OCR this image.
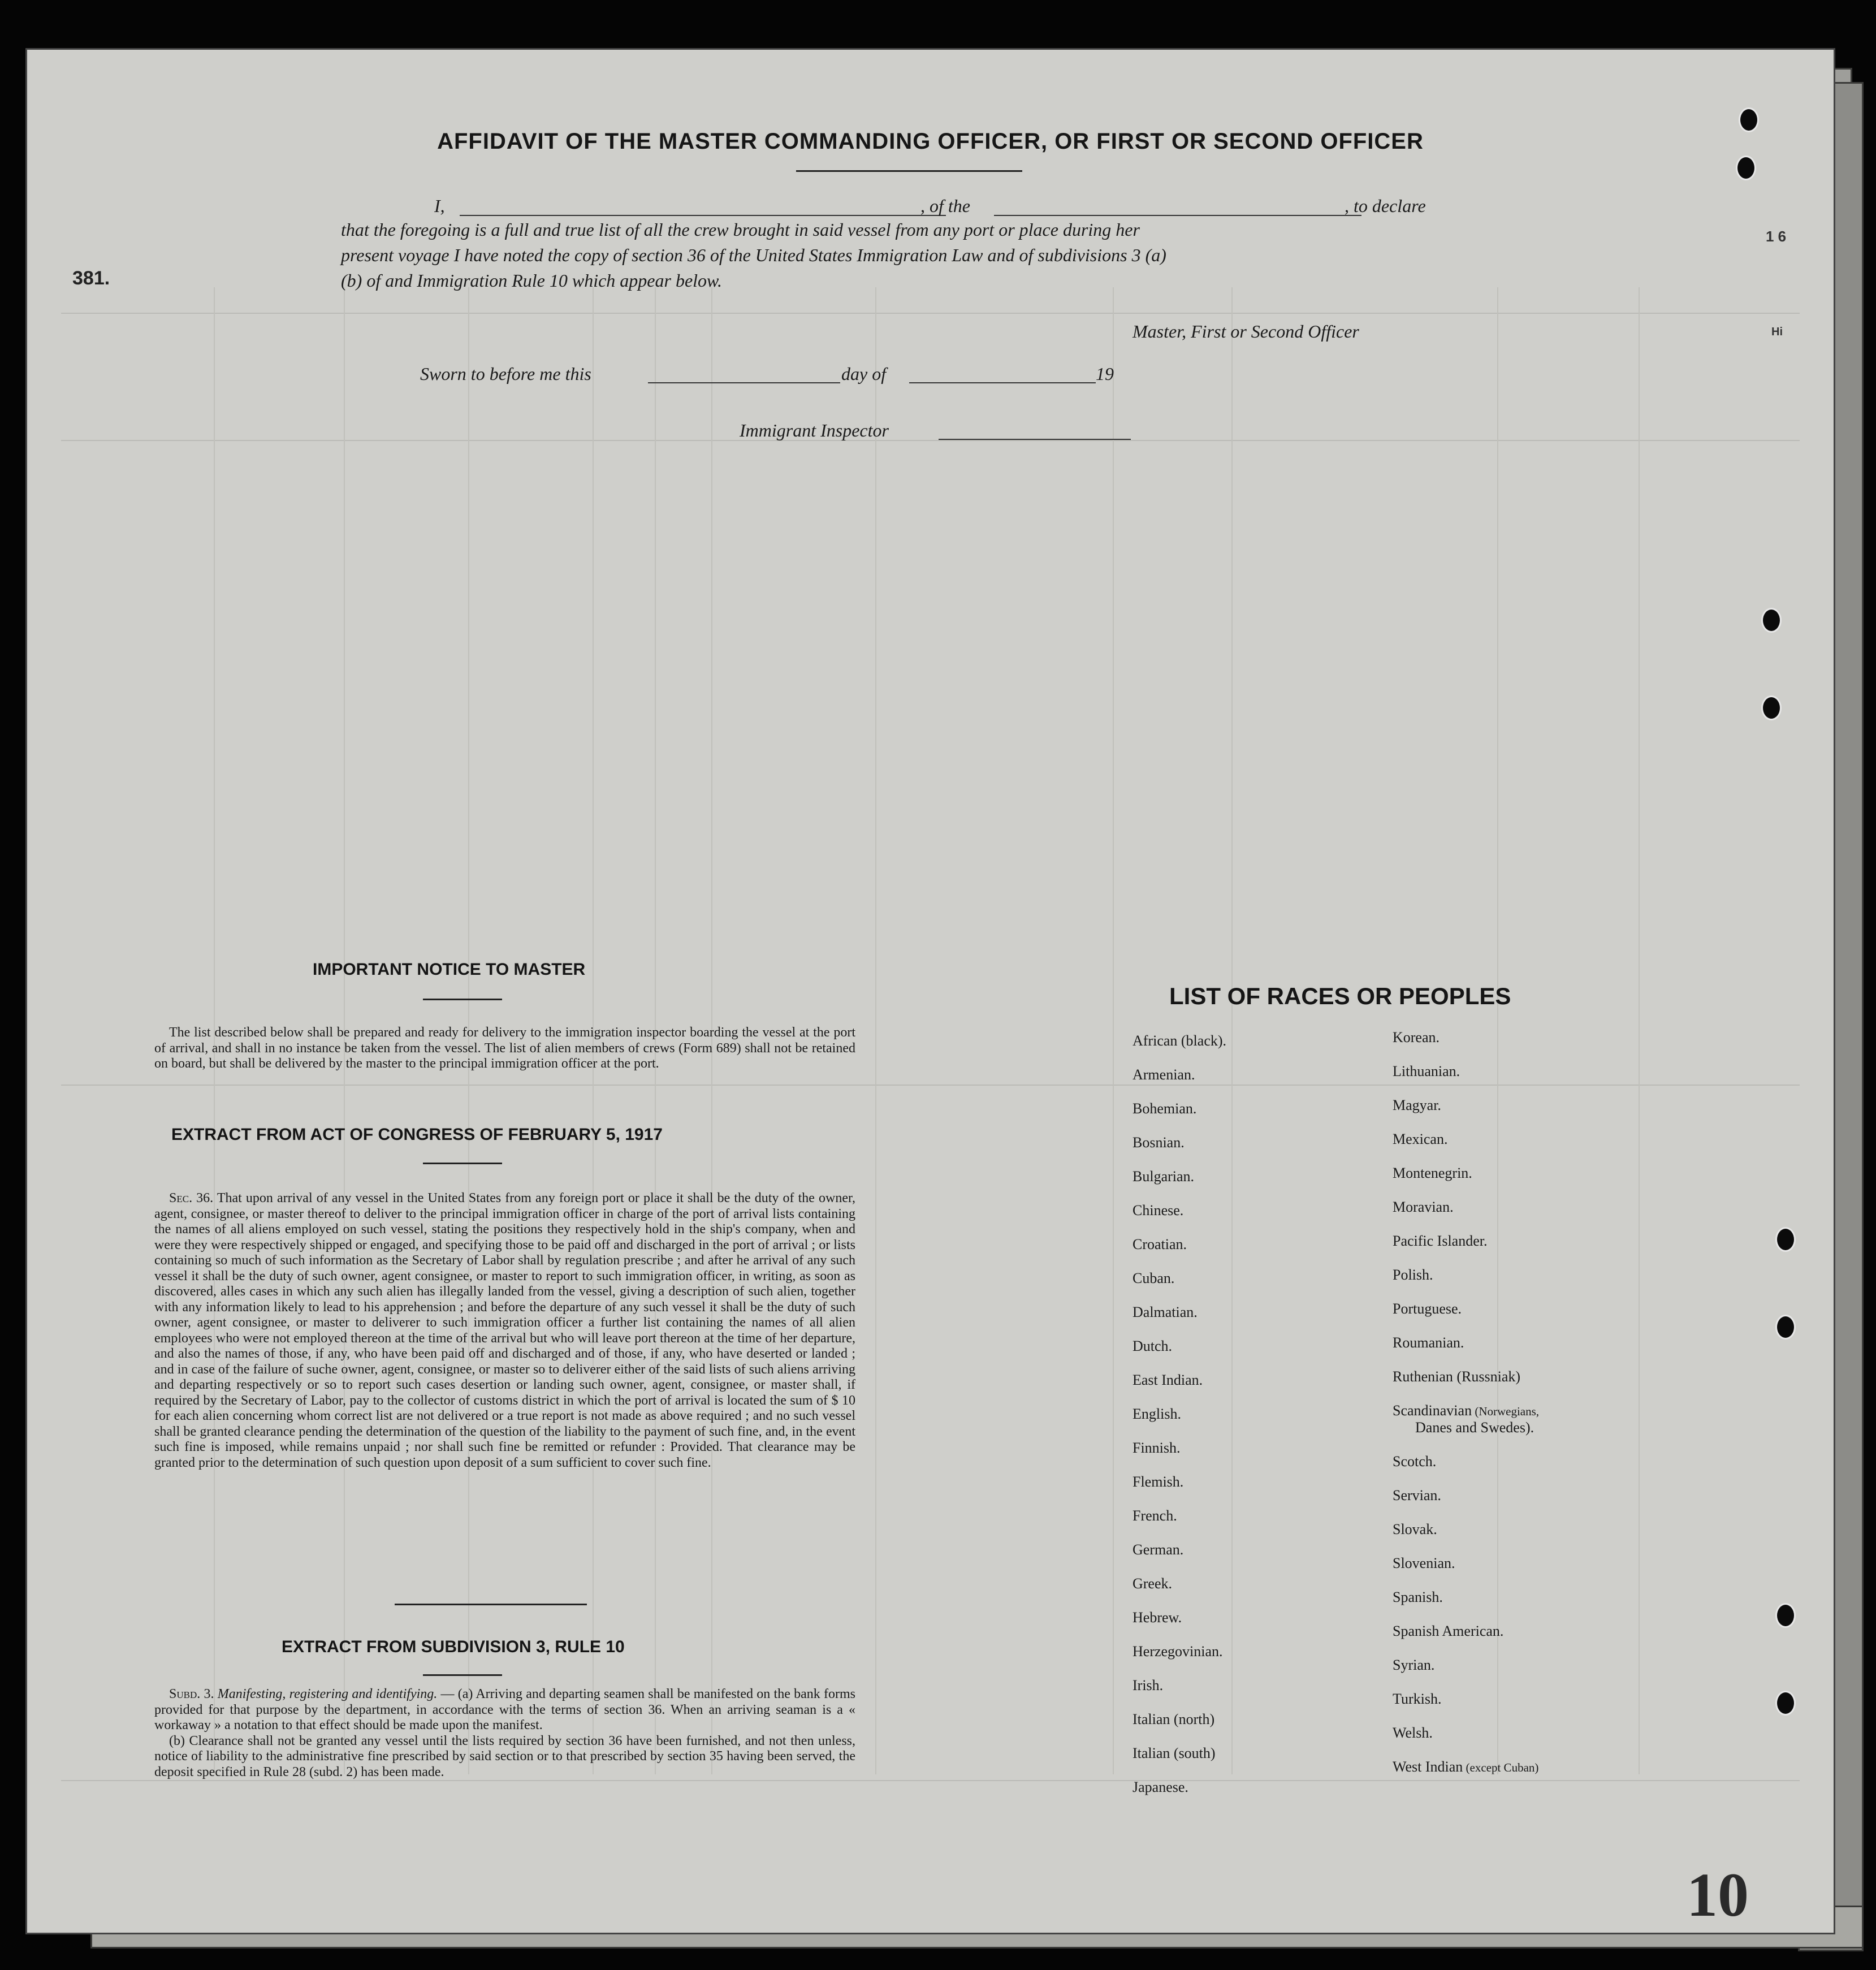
381.
AFFIDAVIT OF THE MASTER COMMANDING OFFICER, OR FIRST OR SECOND OFFICER
I,	, of the	, to declare
that the foregoing is a full and true list of all the crew brought in said vessel from any port or place during her
present voyage I have noted the copy of section 36 of the United States Immigration Law and of subdivisions 3 (a)
(b) of and Immigration Rule 10 which appear below.
Master, First or Second Officer
Sworn to before me this	day of	19
Immigrant Inspector
IMPORTANT NOTICE TO MASTER

The list described below shall be prepared and ready for delivery to the immigration inspector boarding the vessel at the port of arrival, and shall in no instance be taken from the vessel. The list of alien members of crews (Form 689) shall not be retained on board, but shall be delivered by the master to the principal immigration officer at the port.

EXTRACT FROM ACT OF CONGRESS OF FEBRUARY 5, 1917

Sec. 36. That upon arrival of any vessel in the United States from any foreign port or place it shall be the duty of the owner, agent, consignee, or master thereof to deliver to the principal immigration officer in charge of the port of arrival lists containing the names of all aliens employed on such vessel, stating the positions they respectively hold in the ship's company, when and were they were respectively shipped or engaged, and specifying those to be paid off and discharged in the port of arrival ; or lists containing so much of such information as the Secretary of Labor shall by regulation prescribe ; and after he arrival of any such vessel it shall be the duty of such owner, agent consignee, or master to report to such immigration officer, in writing, as soon as discovered, alles cases in which any such alien has illegally landed from the vessel, giving a description of such alien, together with any information likely to lead to his apprehension ; and before the departure of any such vessel it shall be the duty of such owner, agent consignee, or master to deliverer to such immigration officer a further list containing the names of all alien employees who were not employed thereon at the time of the arrival but who will leave port thereon at the time of her departure, and also the names of those, if any, who have been paid off and discharged and of those, if any, who have deserted or landed ; and in case of the failure of suche owner, agent, consignee, or master so to deliverer either of the said lists of such aliens arriving and departing respectively or so to report such cases desertion or landing such owner, agent, consignee, or master shall, if required by the Secretary of Labor, pay to the collector of customs district in which the port of arrival is located the sum of $ 10 for each alien concerning whom correct list are not delivered or a true report is not made as above required ; and no such vessel shall be granted clearance pending the determination of the question of the liability to the payment of such fine, and, in the event such fine is imposed, while remains unpaid ; nor shall such fine be remitted or refunder : Provided. That clearance may be granted prior to the determination of such question upon deposit of a sum sufficient to cover such fine.

EXTRACT FROM SUBDIVISION 3, RULE 10

Subd. 3. Manifesting, registering and identifying. — (a) Arriving and departing seamen shall be manifested on the bank forms provided for that purpose by the department, in accordance with the terms of section 36. When an arriving seaman is a « workaway » a notation to that effect should be made upon the manifest.

(b) Clearance shall not be granted any vessel until the lists required by section 36 have been furnished, and not then unless, notice of liability to the administrative fine prescribed by said section or to that prescribed by section 35 having been served, the deposit specified in Rule 28 (subd. 2) has been made.

LIST OF RACES OR PEOPLES
African (black).
Armenian.
Bohemian.
Bosnian.
Bulgarian.
Chinese.
Croatian.
Cuban.
Dalmatian.
Dutch.
East Indian.
English.
Finnish.
Flemish.
French.
German.
Greek.
Hebrew.
Herzegovinian.
Irish.
Italian (north)
Italian (south)
Japanese.
Korean.
Lithuanian.
Magyar.
Mexican.
Montenegrin.
Moravian.
Pacific Islander.
Polish.
Portuguese.
Roumanian.
Ruthenian (Russniak)
Scandinavian (Norwegians,
Danes and Swedes).
Scotch.
Servian.
Slovak.
Slovenian.
Spanish.
Spanish American.
Syrian.
Turkish.
Welsh.
West Indian (except Cuban)
1 6
Hi
10
